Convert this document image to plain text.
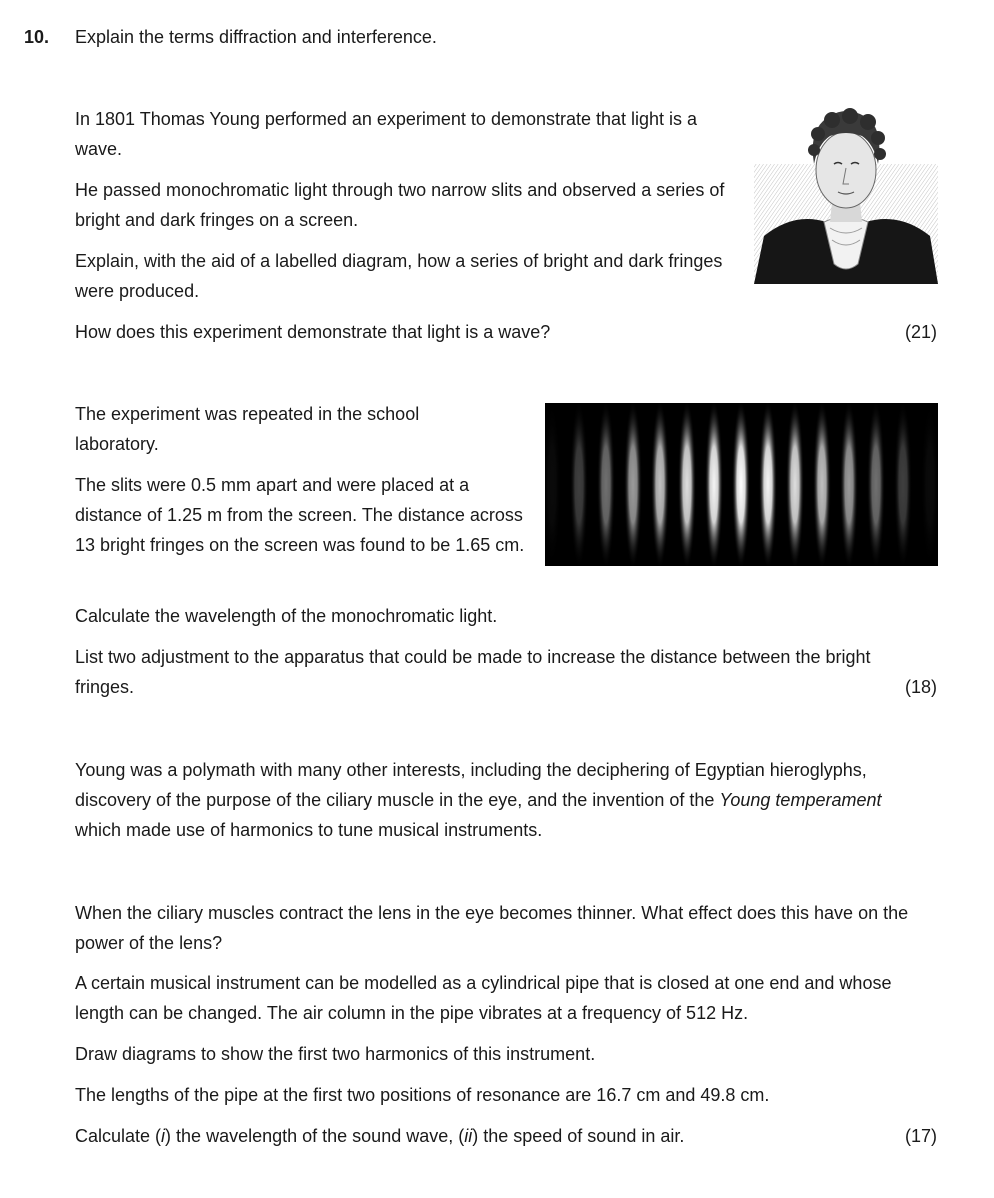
10. Explain the terms diffraction and interference.
In 1801 Thomas Young performed an experiment to demonstrate that light is a wave.
He passed monochromatic light through two narrow slits and observed a series of bright and dark fringes on a screen.
Explain, with the aid of a labelled diagram, how a series of bright and dark fringes were produced.
How does this experiment demonstrate that light is a wave?	(21)
The experiment was repeated in the school laboratory.
The slits were 0.5 mm apart and were placed at a distance of 1.25 m from the screen. The distance across 13 bright fringes on the screen was found to be 1.65 cm.
Calculate the wavelength of the monochromatic light.
List two adjustment to the apparatus that could be made to increase the distance between the bright fringes.	(18)
Young was a polymath with many other interests, including the deciphering of Egyptian hieroglyphs, discovery of the purpose of the ciliary muscle in the eye, and the invention of the Young temperament which made use of harmonics to tune musical instruments.
When the ciliary muscles contract the lens in the eye becomes thinner. What effect does this have on the power of the lens?
A certain musical instrument can be modelled as a cylindrical pipe that is closed at one end and whose length can be changed. The air column in the pipe vibrates at a frequency of 512 Hz.
Draw diagrams to show the first two harmonics of this instrument.
The lengths of the pipe at the first two positions of resonance are 16.7 cm and 49.8 cm.
Calculate (i) the wavelength of the sound wave, (ii) the speed of sound in air.	(17)
